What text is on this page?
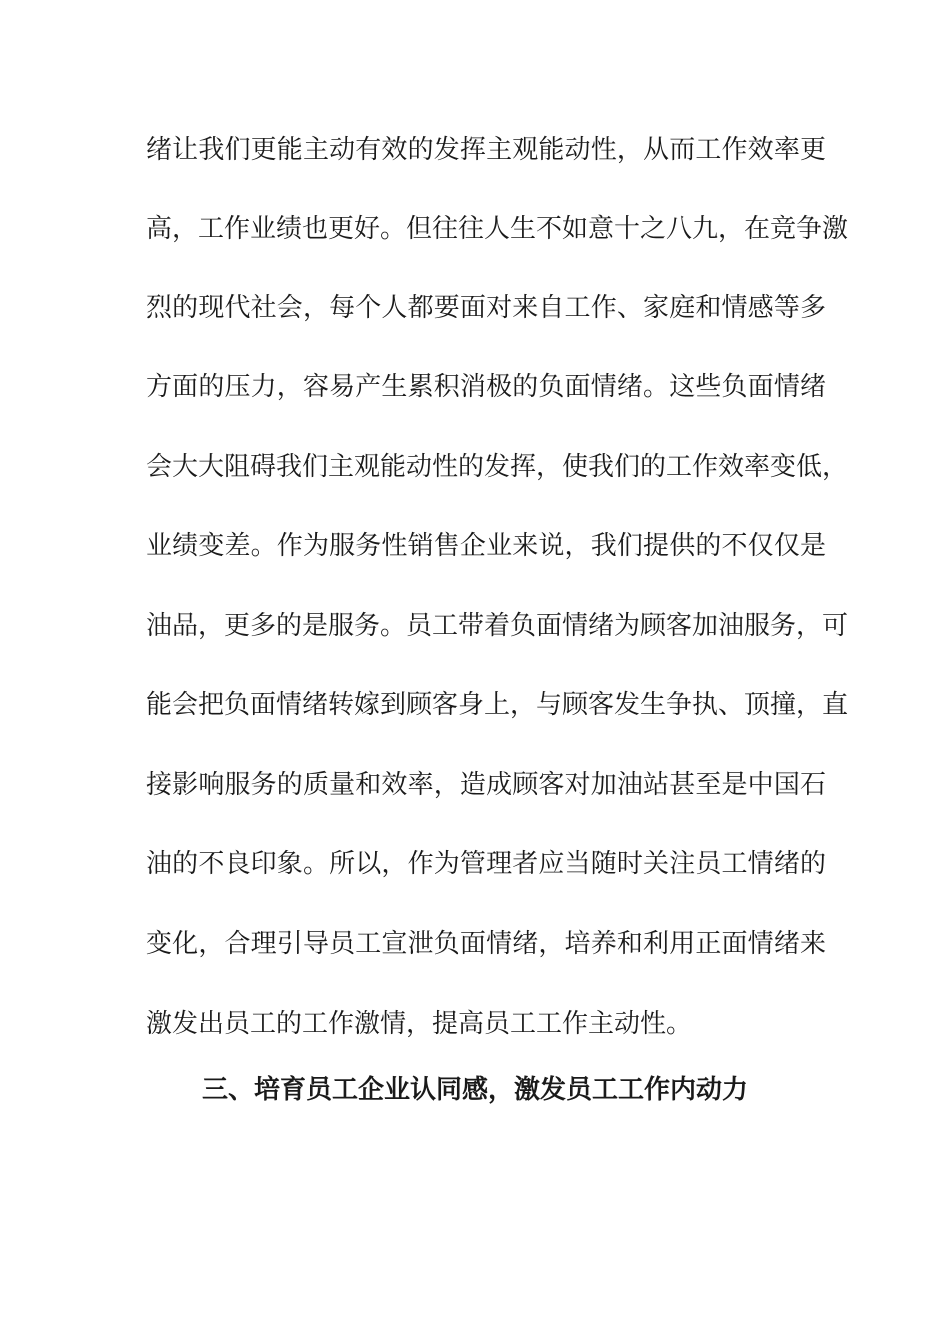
绪让我们更能主动有效的发挥主观能动性，从而工作效率更
高，工作业绩也更好。但往往人生不如意十之八九，在竞争激
烈的现代社会，每个人都要面对来自工作、家庭和情感等多
方面的压力，容易产生累积消极的负面情绪。这些负面情绪
会大大阻碍我们主观能动性的发挥，使我们的工作效率变低，
业绩变差。作为服务性销售企业来说，我们提供的不仅仅是
油品，更多的是服务。员工带着负面情绪为顾客加油服务，可
能会把负面情绪转嫁到顾客身上，与顾客发生争执、顶撞，直
接影响服务的质量和效率，造成顾客对加油站甚至是中国石
油的不良印象。所以，作为管理者应当随时关注员工情绪的
变化，合理引导员工宣泄负面情绪，培养和利用正面情绪来
激发出员工的工作激情，提高员工工作主动性。
三、培育员工企业认同感，激发员工工作内动力
